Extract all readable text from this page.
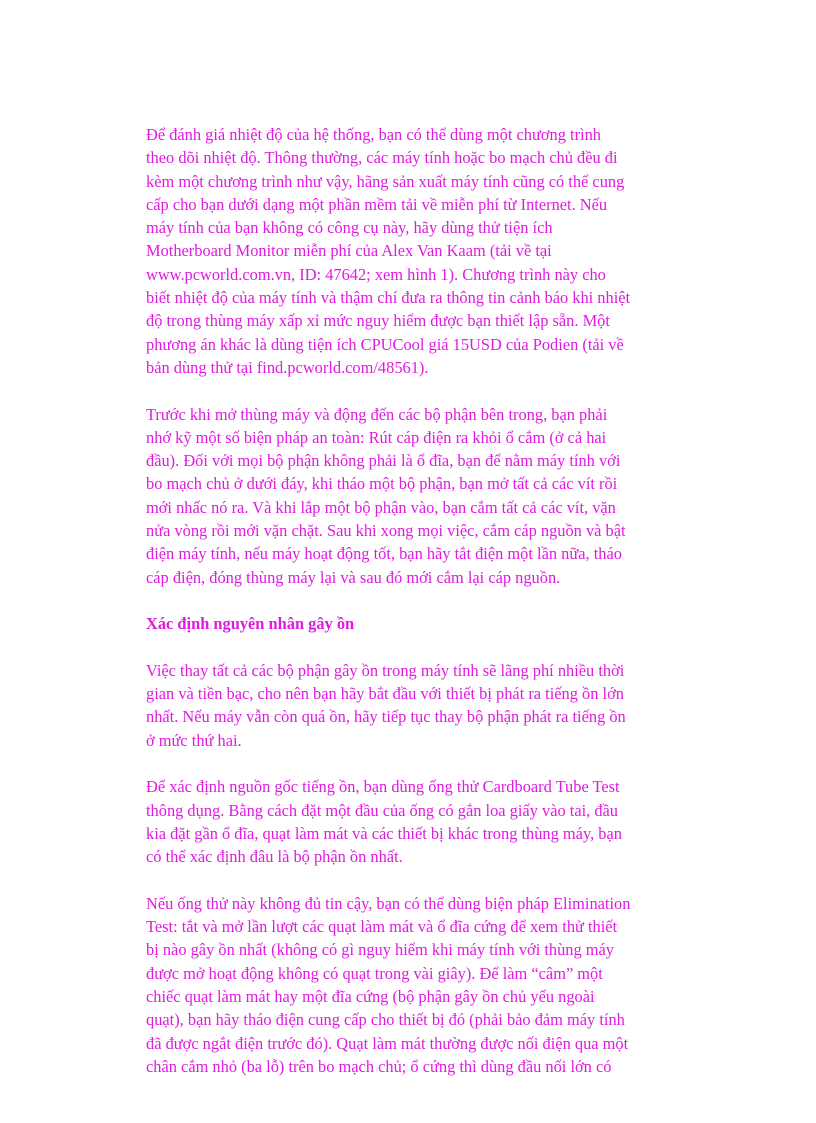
Để đánh giá nhiệt độ của hệ thống, bạn có thể dùng một chương trình
theo dõi nhiệt độ. Thông thường, các máy tính hoặc bo mạch chủ đều đi
kèm một chương trình như vậy, hãng sản xuất máy tính cũng có thể cung
cấp cho bạn dưới dạng một phần mềm tải về miễn phí từ Internet. Nếu
máy tính của bạn không có công cụ này, hãy dùng thử tiện ích
Motherboard Monitor miễn phí của Alex Van Kaam (tải về tại
www.pcworld.com.vn, ID: 47642; xem hình 1). Chương trình này cho
biết nhiệt độ của máy tính và thậm chí đưa ra thông tin cảnh báo khi nhiệt
độ trong thùng máy xấp xỉ mức nguy hiểm được bạn thiết lập sẵn. Một
phương án khác là dùng tiện ích CPUCool giá 15USD của Podien (tải về
bản dùng thử tại find.pcworld.com/48561).

Trước khi mở thùng máy và động đến các bộ phận bên trong, bạn phải
nhớ kỹ một số biện pháp an toàn: Rút cáp điện ra khỏi ổ cắm (ở cả hai
đầu). Đối với mọi bộ phận không phải là ổ đĩa, bạn để nằm máy tính với
bo mạch chủ ở dưới đáy, khi tháo một bộ phận, bạn mở tất cả các vít rồi
mới nhấc nó ra. Và khi lắp một bộ phận vào, bạn cắm tất cả các vít, vặn
nửa vòng rồi mới vặn chặt. Sau khi xong mọi việc, cắm cáp nguồn và bật
điện máy tính, nếu máy hoạt động tốt, bạn hãy tắt điện một lần nữa, tháo
cáp điện, đóng thùng máy lại và sau đó mới cắm lại cáp nguồn.

Xác định nguyên nhân gây ồn

Việc thay tất cả các bộ phận gây ồn trong máy tính sẽ lãng phí nhiều thời
gian và tiền bạc, cho nên bạn hãy bắt đầu với thiết bị phát ra tiếng ồn lớn
nhất. Nếu máy vẫn còn quá ồn, hãy tiếp tục thay bộ phận phát ra tiếng ồn
ở mức thứ hai.

Để xác định nguồn gốc tiếng ồn, bạn dùng ống thử Cardboard Tube Test
thông dụng. Bằng cách đặt một đầu của ống có gắn loa giấy vào tai, đầu
kia đặt gần ổ đĩa, quạt làm mát và các thiết bị khác trong thùng máy, bạn
có thể xác định đâu là bộ phận ồn nhất.

Nếu ống thử này không đủ tin cậy, bạn có thể dùng biện pháp Elimination
Test: tắt và mở lần lượt các quạt làm mát và ổ đĩa cứng để xem thử thiết
bị nào gây ồn nhất (không có gì nguy hiểm khi máy tính với thùng máy
được mở hoạt động không có quạt trong vài giây). Để làm “câm” một
chiếc quạt làm mát hay một đĩa cứng (bộ phận gây ồn chủ yếu ngoài
quạt), bạn hãy tháo điện cung cấp cho thiết bị đó (phải bảo đảm máy tính
đã được ngắt điện trước đó). Quạt làm mát thường được nối điện qua một
chân cắm nhỏ (ba lỗ) trên bo mạch chủ; ổ cứng thì dùng đầu nối lớn có
